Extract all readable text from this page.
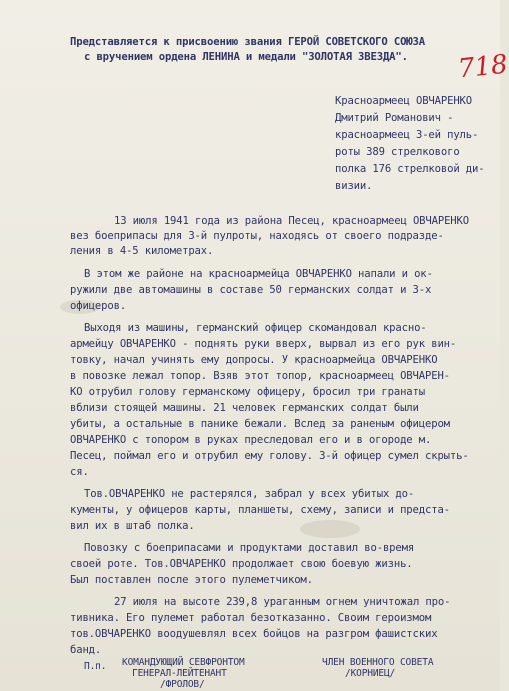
Представляется к присвоению звания ГЕРОЙ СОВЕТСКОГО СОЮЗА
с вручением ордена ЛЕНИНА и медали "ЗОЛОТАЯ ЗВЕЗДА". 718
Красноармеец ОВЧАРЕНКО
Дмитрий Романович -
красноармеец 3-ей пуль-
роты 389 стрелкового
полка 176 стрелковой ди-
визии.
13 июля 1941 года из района Песец, красноармеец ОВЧАРЕНКО
вез боеприпасы для 3-й пулроты, находясь от своего подразде-
ления в 4-5 километрах.
В этом же районе на красноармейца ОВЧАРЕНКО напали и ок-
ружили две автомашины в составе 50 германских солдат и 3-х
офицеров.
Выходя из машины, германский офицер скомандовал красно-
армейцу ОВЧАРЕНКО - поднять руки вверх, вырвал из его рук вин-
товку, начал учинять ему допросы. У красноармейца ОВЧАРЕНКО
в повозке лежал топор. Взяв этот топор, красноармеец ОВЧАРЕН-
КО отрубил голову германскому офицеру, бросил три гранаты
вблизи стоящей машины. 21 человек германских солдат были
убиты, а остальные в панике бежали. Вслед за раненым офицером
ОВЧАРЕНКО с топором в руках преследовал его и в огороде м.
Песец, поймал его и отрубил ему голову. 3-й офицер сумел скрыть-
ся.
Тов.ОВЧАРЕНКО не растерялся, забрал у всех убитых до-
кументы, у офицеров карты, планшеты, схему, записи и предста-
вил их в штаб полка.
Повозку с боеприпасами и продуктами доставил во-время
своей роте. Тов.ОВЧАРЕНКО продолжает свою боевую жизнь.
Был поставлен после этого пулеметчиком.
27 июля на высоте 239,8 ураганным огнем уничтожал про-
тивника. Его пулемет работал безотказанно. Своим героизмом
тов.ОВЧАРЕНКО воодушевлял всех бойцов на разгром фашистских
банд.
П.п. КОМАНДУЮЩИЙ СЕВФРОНТОМ
ГЕНЕРАЛ-ЛЕЙТЕНАНТ
/ФРОЛОВ/
ЧЛЕН ВОЕННОГО СОВЕТА
/КОРНИЕЦ/
